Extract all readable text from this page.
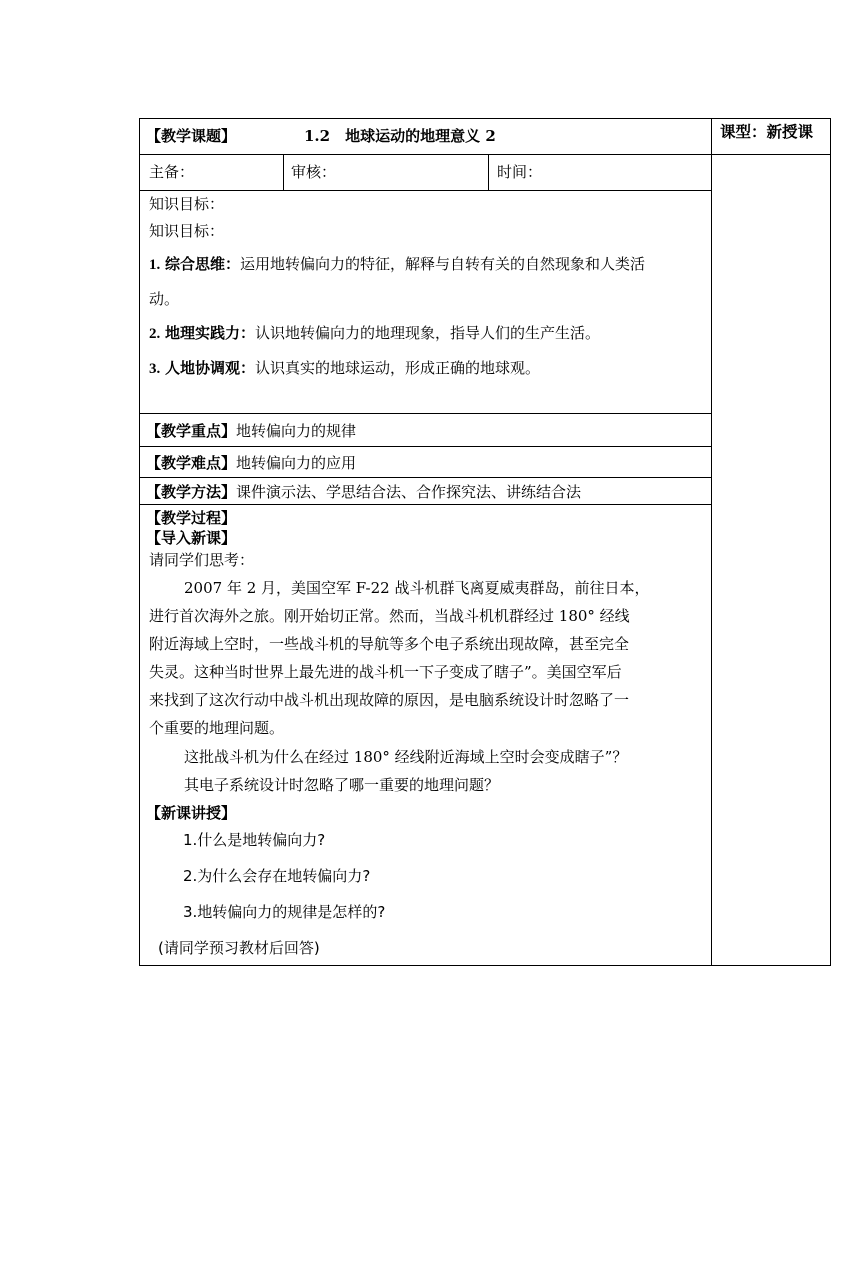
【教学课题】	1.2　地球运动的地理意义 2	课型：新授课
主备：	审核：	时间：
知识目标：
知识目标：
1. 综合思维：运用地转偏向力的特征，解释与自转有关的自然现象和人类活
动。
2. 地理实践力：认识地转偏向力的地理现象，指导人们的生产生活。
3. 人地协调观：认识真实的地球运动，形成正确的地球观。
【教学重点】地转偏向力的规律
【教学难点】地转偏向力的应用
【教学方法】课件演示法、学思结合法、合作探究法、讲练结合法
【教学过程】
【导入新课】
请同学们思考：
2007 年 2 月，美国空军 F-22 战斗机群飞离夏威夷群岛，前往日本，
进行首次海外之旅。刚开始切正常。然而，当战斗机机群经过 180° 经线
附近海域上空时，一些战斗机的导航等多个电子系统出现故障，甚至完全
失灵。这种当时世界上最先进的战斗机一下子变成了瞎子”。美国空军后
来找到了这次行动中战斗机出现故障的原因，是电脑系统设计时忽略了一
个重要的地理问题。
这批战斗机为什么在经过 180° 经线附近海域上空时会变成瞎子”？
其电子系统设计时忽略了哪一重要的地理问题？
【新课讲授】
1.什么是地转偏向力?
2.为什么会存在地转偏向力?
3.地转偏向力的规律是怎样的?
(请同学预习教材后回答)
